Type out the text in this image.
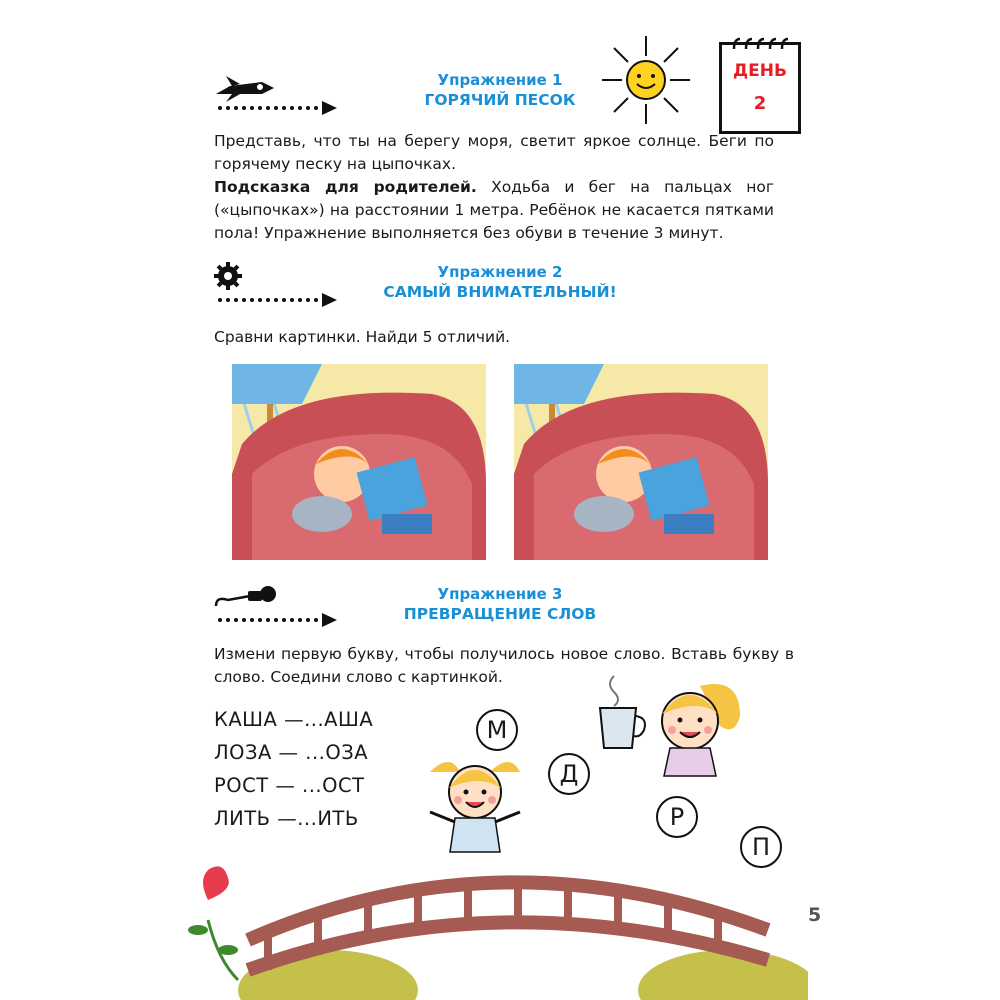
Упражнение 1
ГОРЯЧИЙ ПЕСОК
ДЕНЬ
2
Представь, что ты на берегу моря, светит яркое солнце. Беги по горячему песку на цыпочках.
Подсказка для родителей. Ходьба и бег на пальцах ног («цыпочках») на расстоянии 1 метра. Ребёнок не касается пятками пола! Упражнение выполняется без обуви в течение 3 минут.
Упражнение 2
САМЫЙ ВНИМАТЕЛЬНЫЙ!
Сравни картинки. Найди 5 отличий.
Упражнение 3
ПРЕВРАЩЕНИЕ СЛОВ
Измени первую букву, чтобы получилось новое слово. Вставь букву в слово. Соедини слово с картинкой.
КАША —...АША
ЛОЗА — ...ОЗА
РОСТ — ...ОСТ
ЛИТЬ —...ИТЬ
М
Д
Р
П
5
